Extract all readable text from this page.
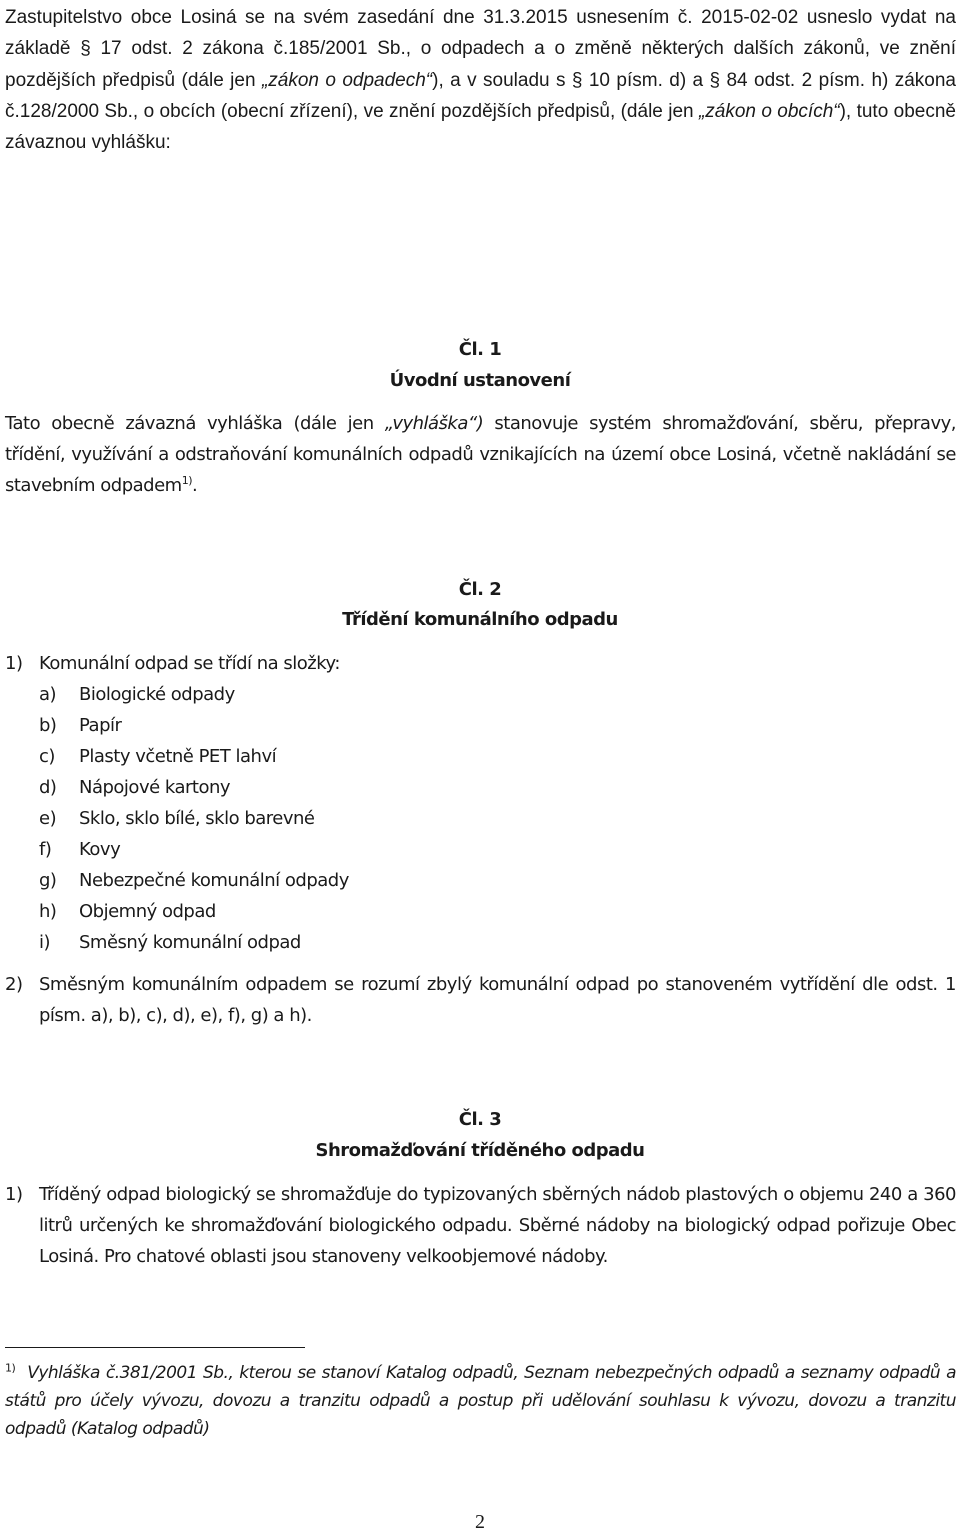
Zastupitelstvo obce Losiná se na svém zasedání dne 31.3.2015 usnesením č. 2015-02-02 usneslo vydat na základě § 17 odst. 2 zákona č.185/2001 Sb., o odpadech a o změně některých dalších zákonů, ve znění pozdějších předpisů (dále jen „zákon o odpadech“), a v souladu s § 10 písm. d) a § 84 odst. 2 písm. h) zákona č.128/2000 Sb., o obcích (obecní zřízení), ve znění pozdějších předpisů, (dále jen „zákon o obcích“), tuto obecně závaznou vyhlášku:
Čl. 1
Úvodní ustanovení
Tato obecně závazná vyhláška (dále jen „vyhláška“) stanovuje systém shromažďování, sběru, přepravy, třídění, využívání a odstraňování komunálních odpadů vznikajících na území obce Losiná, včetně nakládání se stavebním odpadem$^{1)}$.
Čl. 2
Třídění komunálního odpadu
1) Komunální odpad se třídí na složky:
a)	Biologické odpady
b)	Papír
c)	Plasty včetně PET lahví
d)	Nápojové kartony
e)	Sklo, sklo bílé, sklo barevné
f)	Kovy
g)	Nebezpečné komunální odpady
h)	Objemný odpad
i)	Směsný komunální odpad
2) Směsným komunálním odpadem se rozumí zbylý komunální odpad po stanoveném vytřídění dle odst. 1 písm. a), b), c), d), e), f), g) a h).
Čl. 3
Shromažďování tříděného odpadu
1) Tříděný odpad biologický se shromažďuje do typizovaných sběrných nádob plastových o objemu 240 a 360 litrů určených ke shromažďování biologického odpadu. Sběrné nádoby na biologický odpad pořizuje Obec Losiná. Pro chatové oblasti jsou stanoveny velkoobjemové nádoby.
$^{1)}$ Vyhláška č.381/2001 Sb., kterou se stanoví Katalog odpadů, Seznam nebezpečných odpadů a seznamy odpadů a států pro účely vývozu, dovozu a tranzitu odpadů a postup při udělování souhlasu k vývozu, dovozu a tranzitu odpadů (Katalog odpadů)
2
